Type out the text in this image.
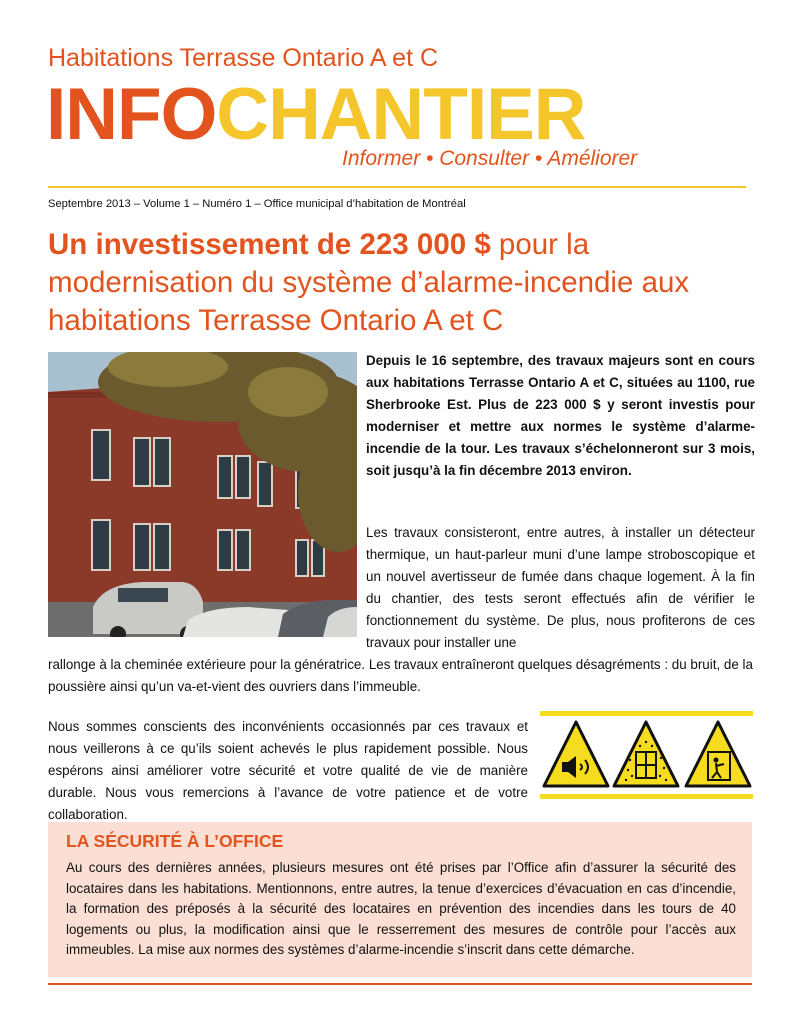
Habitations Terrasse Ontario A et C
INFOCHANTIER
Informer • Consulter • Améliorer
Septembre 2013 – Volume 1 – Numéro 1 – Office municipal d’habitation de Montréal
Un investissement de 223 000 $ pour la modernisation du système d’alarme-incendie aux habitations Terrasse Ontario A et C
Depuis le 16 septembre, des travaux majeurs sont en cours aux habitations Terrasse Ontario A et C, situées au 1100, rue Sherbrooke Est. Plus de 223 000 $ y seront investis pour moderniser et mettre aux normes le système d’alarme-incendie de la tour. Les travaux s’échelonneront sur 3 mois, soit jusqu’à la fin décembre 2013 environ.
Les travaux consisteront, entre autres, à installer un détecteur thermique, un haut-parleur muni d’une lampe stroboscopique et un nouvel avertisseur de fumée dans chaque logement. À la fin du chantier, des tests seront effectués afin de vérifier le fonctionnement du système. De plus, nous profiterons de ces travaux pour installer une
rallonge à la cheminée extérieure pour la génératrice. Les travaux entraîneront quelques désagréments : du bruit, de la poussière ainsi qu’un va-et-vient des ouvriers dans l’immeuble.
Nous sommes conscients des inconvénients occasionnés par ces travaux et nous veillerons à ce qu’ils soient achevés le plus rapidement possible. Nous espérons ainsi améliorer votre sécurité et votre qualité de vie de manière durable. Nous vous remercions à l’avance de votre patience et de votre collaboration.
LA SÉCURITÉ À L’OFFICE
Au cours des dernières années, plusieurs mesures ont été prises par l’Office afin d’assurer la sécurité des locataires dans les habitations. Mentionnons, entre autres, la tenue d’exercices d’évacuation en cas d’incendie, la formation des préposés à la sécurité des locataires en prévention des incendies dans les tours de 40 logements ou plus, la modification ainsi que le resserrement des mesures de contrôle pour l’accès aux immeubles. La mise aux normes des systèmes d’alarme-incendie s’inscrit dans cette démarche.
